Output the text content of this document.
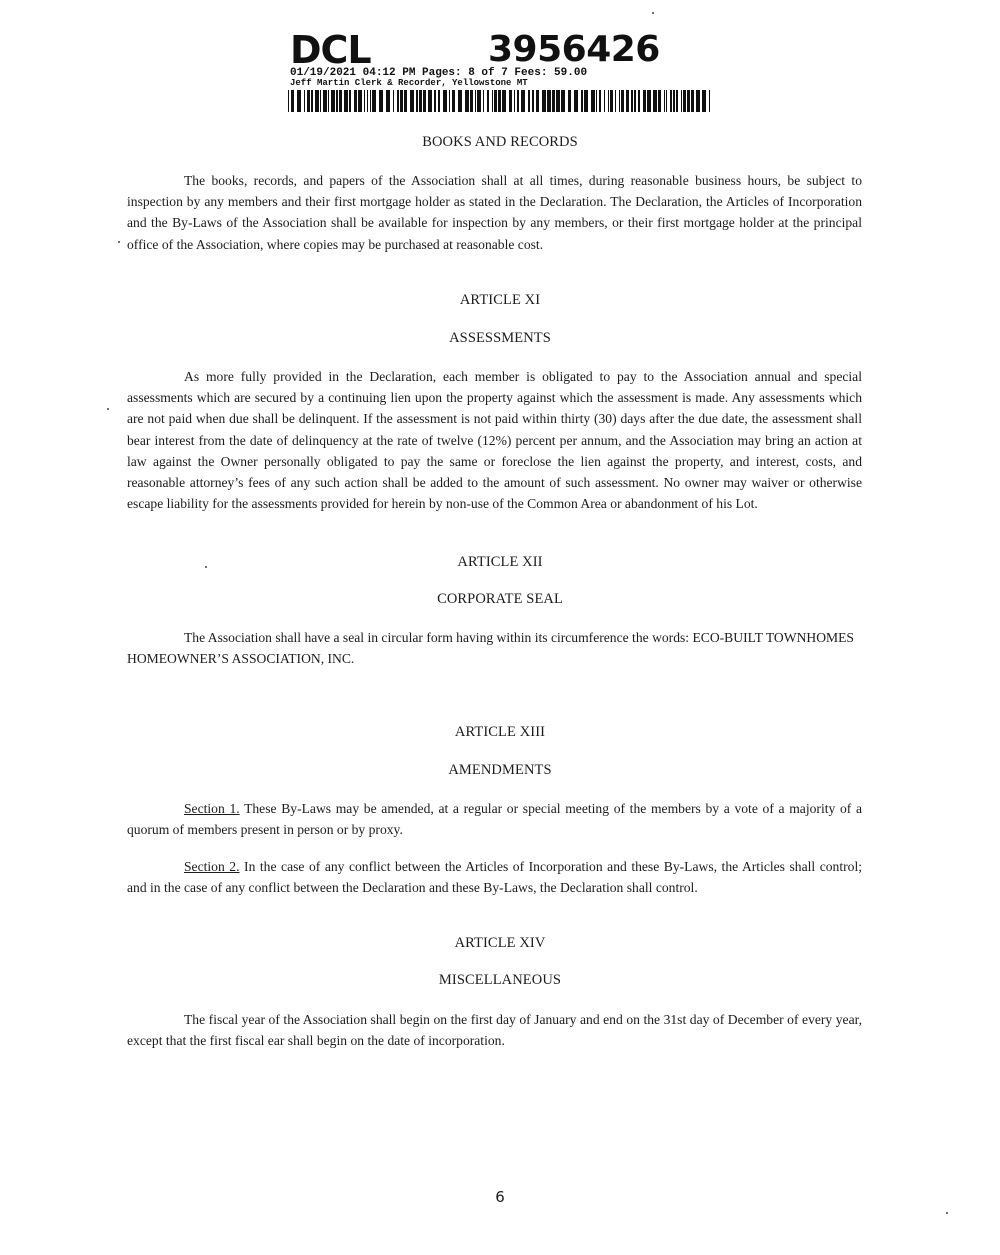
DCL	3956426
01/19/2021 04:12 PM Pages: 8 of 7 Fees: 59.00
Jeff Martin Clerk & Recorder, Yellowstone MT
BOOKS AND RECORDS
The books, records, and papers of the Association shall at all times, during reasonable business hours, be subject to inspection by any members and their first mortgage holder as stated in the Declaration. The Declaration, the Articles of Incorporation and the By-Laws of the Association shall be available for inspection by any members, or their first mortgage holder at the principal office of the Association, where copies may be purchased at reasonable cost.
ARTICLE XI
ASSESSMENTS
As more fully provided in the Declaration, each member is obligated to pay to the Association annual and special assessments which are secured by a continuing lien upon the property against which the assessment is made. Any assessments which are not paid when due shall be delinquent. If the assessment is not paid within thirty (30) days after the due date, the assessment shall bear interest from the date of delinquency at the rate of twelve (12%) percent per annum, and the Association may bring an action at law against the Owner personally obligated to pay the same or foreclose the lien against the property, and interest, costs, and reasonable attorney’s fees of any such action shall be added to the amount of such assessment. No owner may waiver or otherwise escape liability for the assessments provided for herein by non-use of the Common Area or abandonment of his Lot.
ARTICLE XII
CORPORATE SEAL
The Association shall have a seal in circular form having within its circumference the words: ECO-BUILT TOWNHOMES HOMEOWNER’S ASSOCIATION, INC.
ARTICLE XIII
AMENDMENTS
Section 1. These By-Laws may be amended, at a regular or special meeting of the members by a vote of a majority of a quorum of members present in person or by proxy.
Section 2. In the case of any conflict between the Articles of Incorporation and these By-Laws, the Articles shall control; and in the case of any conflict between the Declaration and these By-Laws, the Declaration shall control.
ARTICLE XIV
MISCELLANEOUS
The fiscal year of the Association shall begin on the first day of January and end on the 31st day of December of every year, except that the first fiscal ear shall begin on the date of incorporation.
6
